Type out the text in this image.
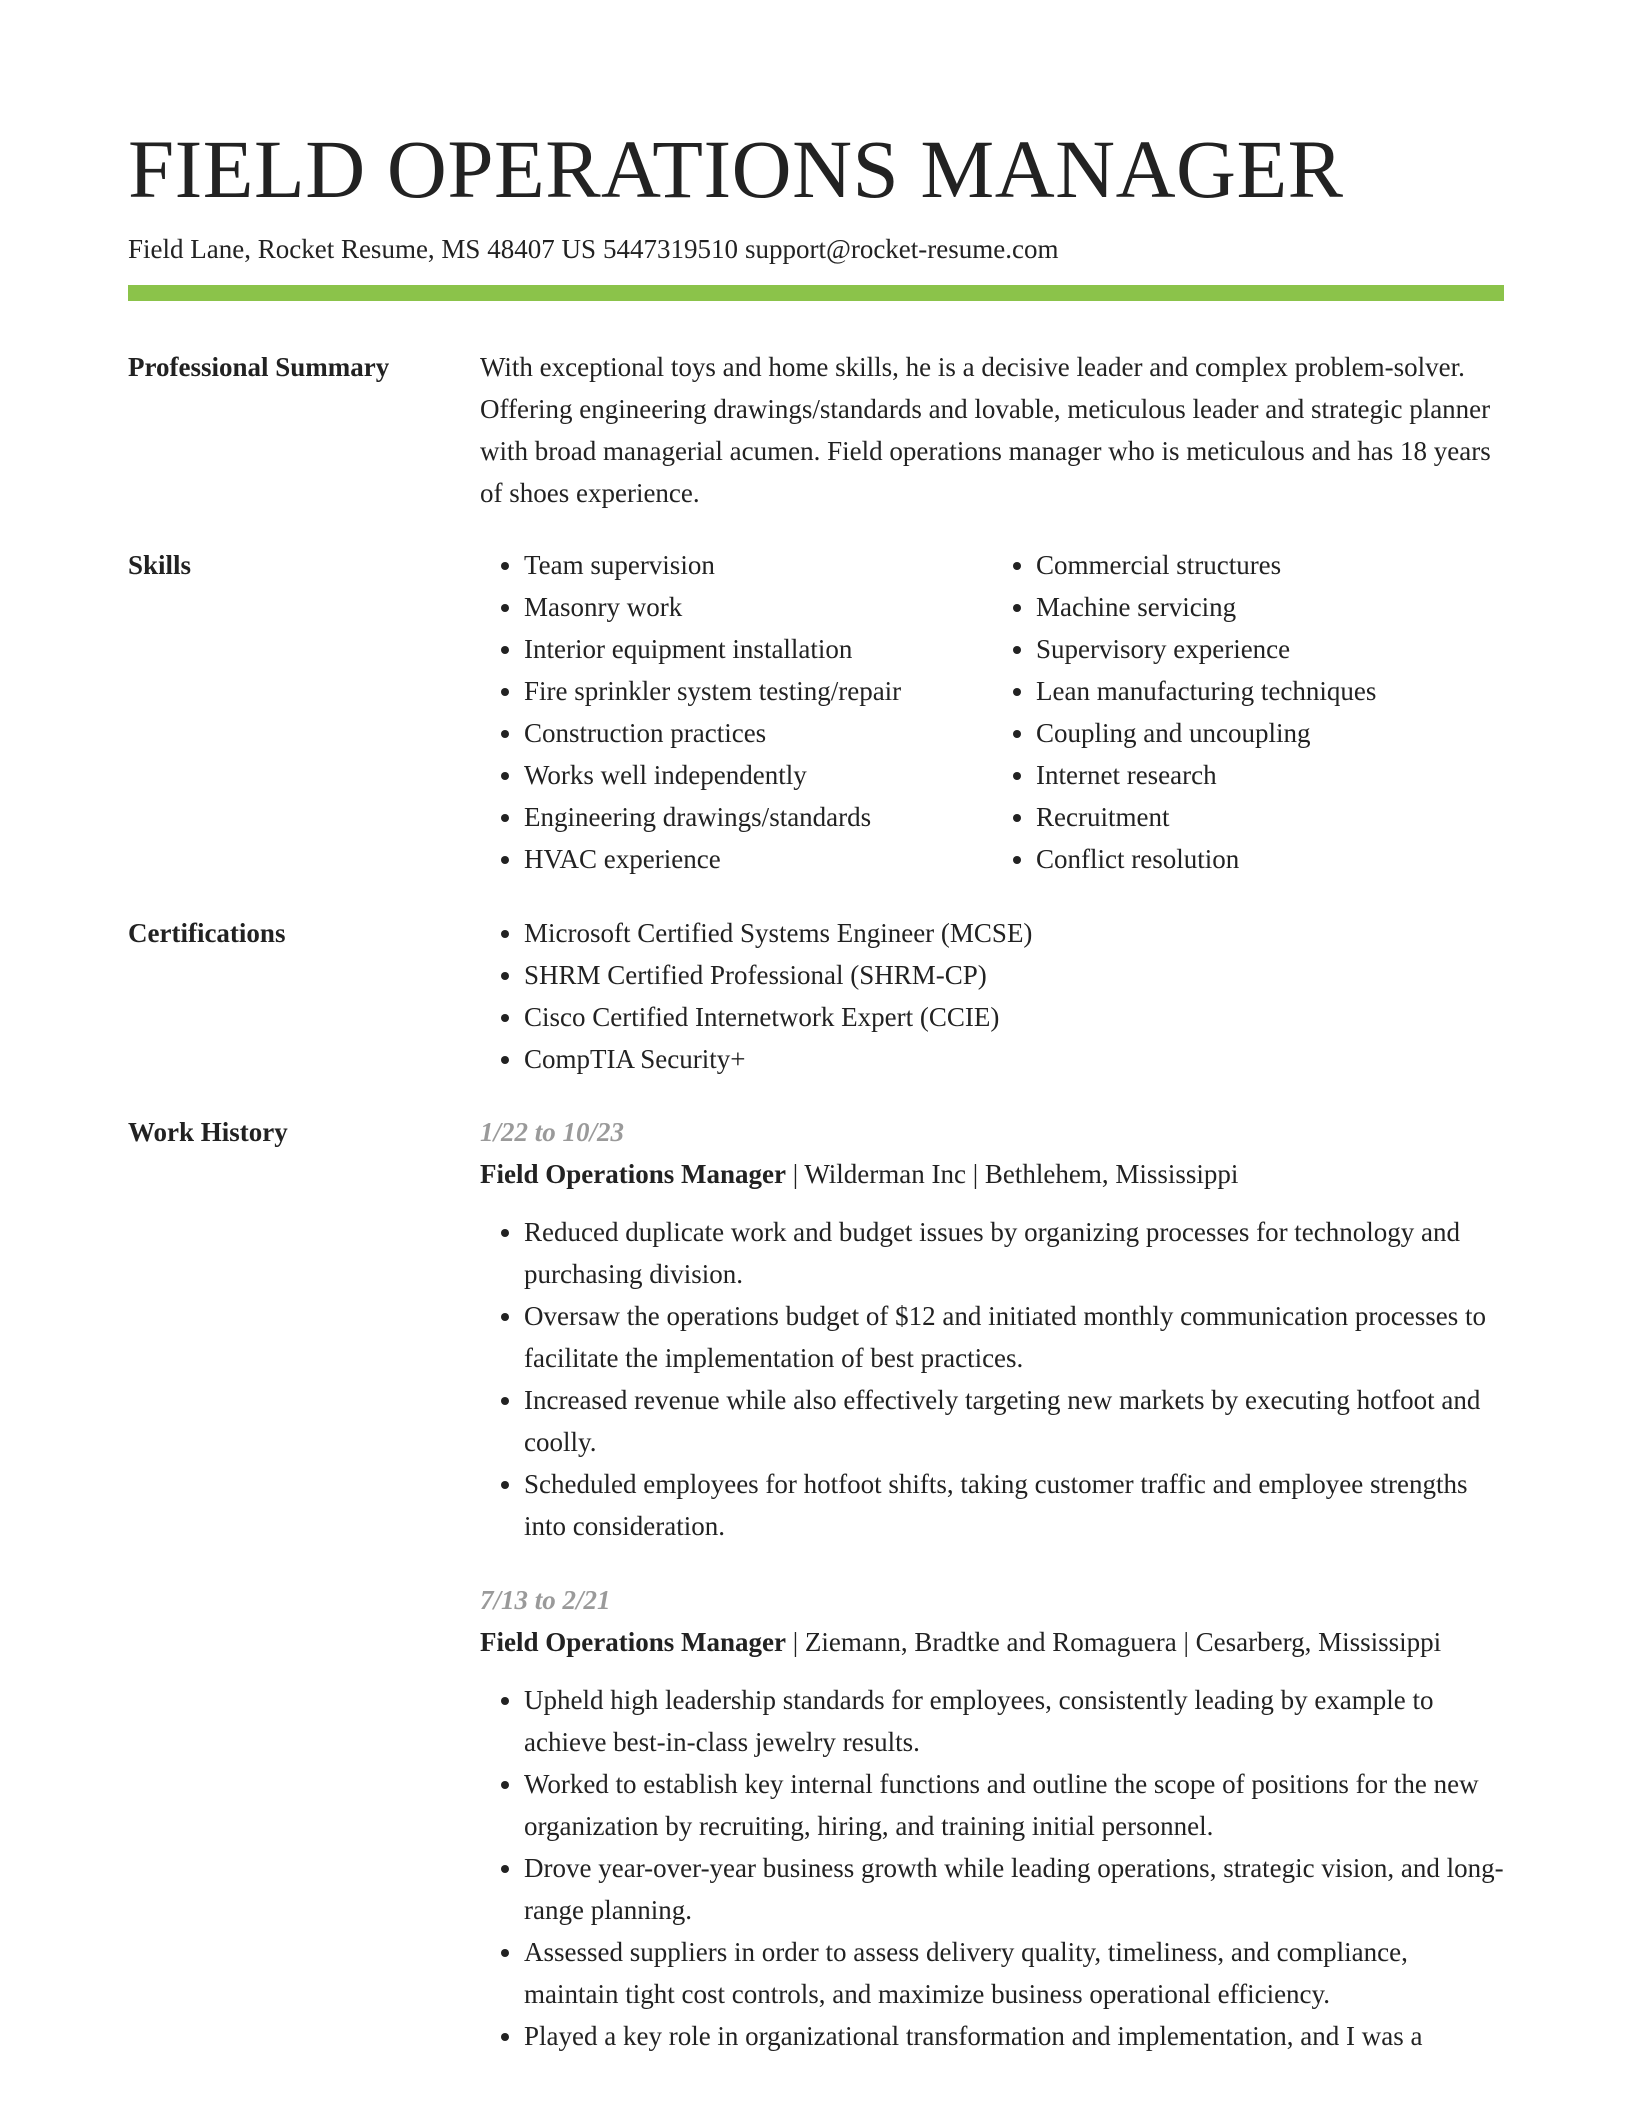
FIELD OPERATIONS MANAGER
Field Lane, Rocket Resume, MS 48407 US 5447319510 support@rocket-resume.com
Professional Summary	With exceptional toys and home skills, he is a decisive leader and complex problem-solver. Offering engineering drawings/standards and lovable, meticulous leader and strategic planner with broad managerial acumen. Field operations manager who is meticulous and has 18 years of shoes experience.
Skills	• Team supervision
• Masonry work
• Interior equipment installation
• Fire sprinkler system testing/repair
• Construction practices
• Works well independently
• Engineering drawings/standards
• HVAC experience
• Commercial structures
• Machine servicing
• Supervisory experience
• Lean manufacturing techniques
• Coupling and uncoupling
• Internet research
• Recruitment
• Conflict resolution
Certifications	• Microsoft Certified Systems Engineer (MCSE)
• SHRM Certified Professional (SHRM-CP)
• Cisco Certified Internetwork Expert (CCIE)
• CompTIA Security+
Work History	1/22 to 10/23
Field Operations Manager | Wilderman Inc | Bethlehem, Mississippi
• Reduced duplicate work and budget issues by organizing processes for technology and purchasing division.
• Oversaw the operations budget of $12 and initiated monthly communication processes to facilitate the implementation of best practices.
• Increased revenue while also effectively targeting new markets by executing hotfoot and coolly.
• Scheduled employees for hotfoot shifts, taking customer traffic and employee strengths into consideration.
7/13 to 2/21
Field Operations Manager | Ziemann, Bradtke and Romaguera | Cesarberg, Mississippi
• Upheld high leadership standards for employees, consistently leading by example to achieve best-in-class jewelry results.
• Worked to establish key internal functions and outline the scope of positions for the new organization by recruiting, hiring, and training initial personnel.
• Drove year-over-year business growth while leading operations, strategic vision, and long-range planning.
• Assessed suppliers in order to assess delivery quality, timeliness, and compliance, maintain tight cost controls, and maximize business operational efficiency.
• Played a key role in organizational transformation and implementation, and I was a
